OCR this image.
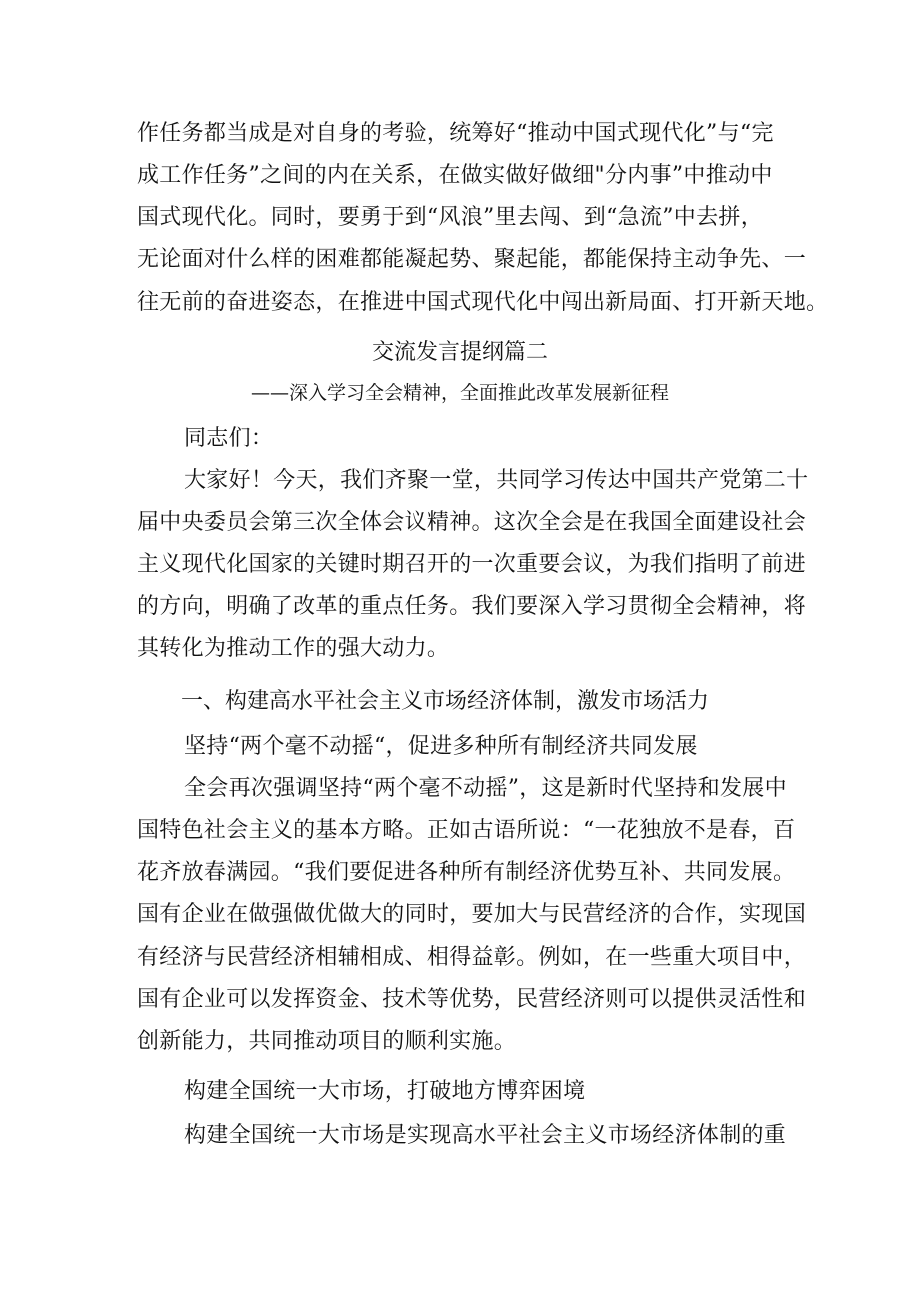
作任务都当成是对自身的考验，统筹好“推动中国式现代化”与“完
成工作任务”之间的内在关系，在做实做好做细"分内事”中推动中
国式现代化。同时，要勇于到“风浪”里去闯、到“急流”中去拼，
无论面对什么样的困难都能凝起势、聚起能，都能保持主动争先、一
往无前的奋进姿态，在推进中国式现代化中闯出新局面、打开新天地。
交流发言提纲篇二
——深入学习全会精神，全面推此改革发展新征程
同志们：
大家好！今天，我们齐聚一堂，共同学习传达中国共产党第二十
届中央委员会第三次全体会议精神。这次全会是在我国全面建设社会
主义现代化国家的关键时期召开的一次重要会议，为我们指明了前进
的方向，明确了改革的重点任务。我们要深入学习贯彻全会精神，将
其转化为推动工作的强大动力。
一、构建高水平社会主义市场经济体制，激发市场活力
坚持“两个毫不动摇“，促进多种所有制经济共同发展
全会再次强调坚持“两个毫不动摇”，这是新时代坚持和发展中
国特色社会主义的基本方略。正如古语所说：“一花独放不是春，百
花齐放春满园。“我们要促进各种所有制经济优势互补、共同发展。
国有企业在做强做优做大的同时，要加大与民营经济的合作，实现国
有经济与民营经济相辅相成、相得益彰。例如，在一些重大项目中，
国有企业可以发挥资金、技术等优势，民营经济则可以提供灵活性和
创新能力，共同推动项目的顺利实施。
构建全国统一大市场，打破地方博弈困境
构建全国统一大市场是实现高水平社会主义市场经济体制的重
